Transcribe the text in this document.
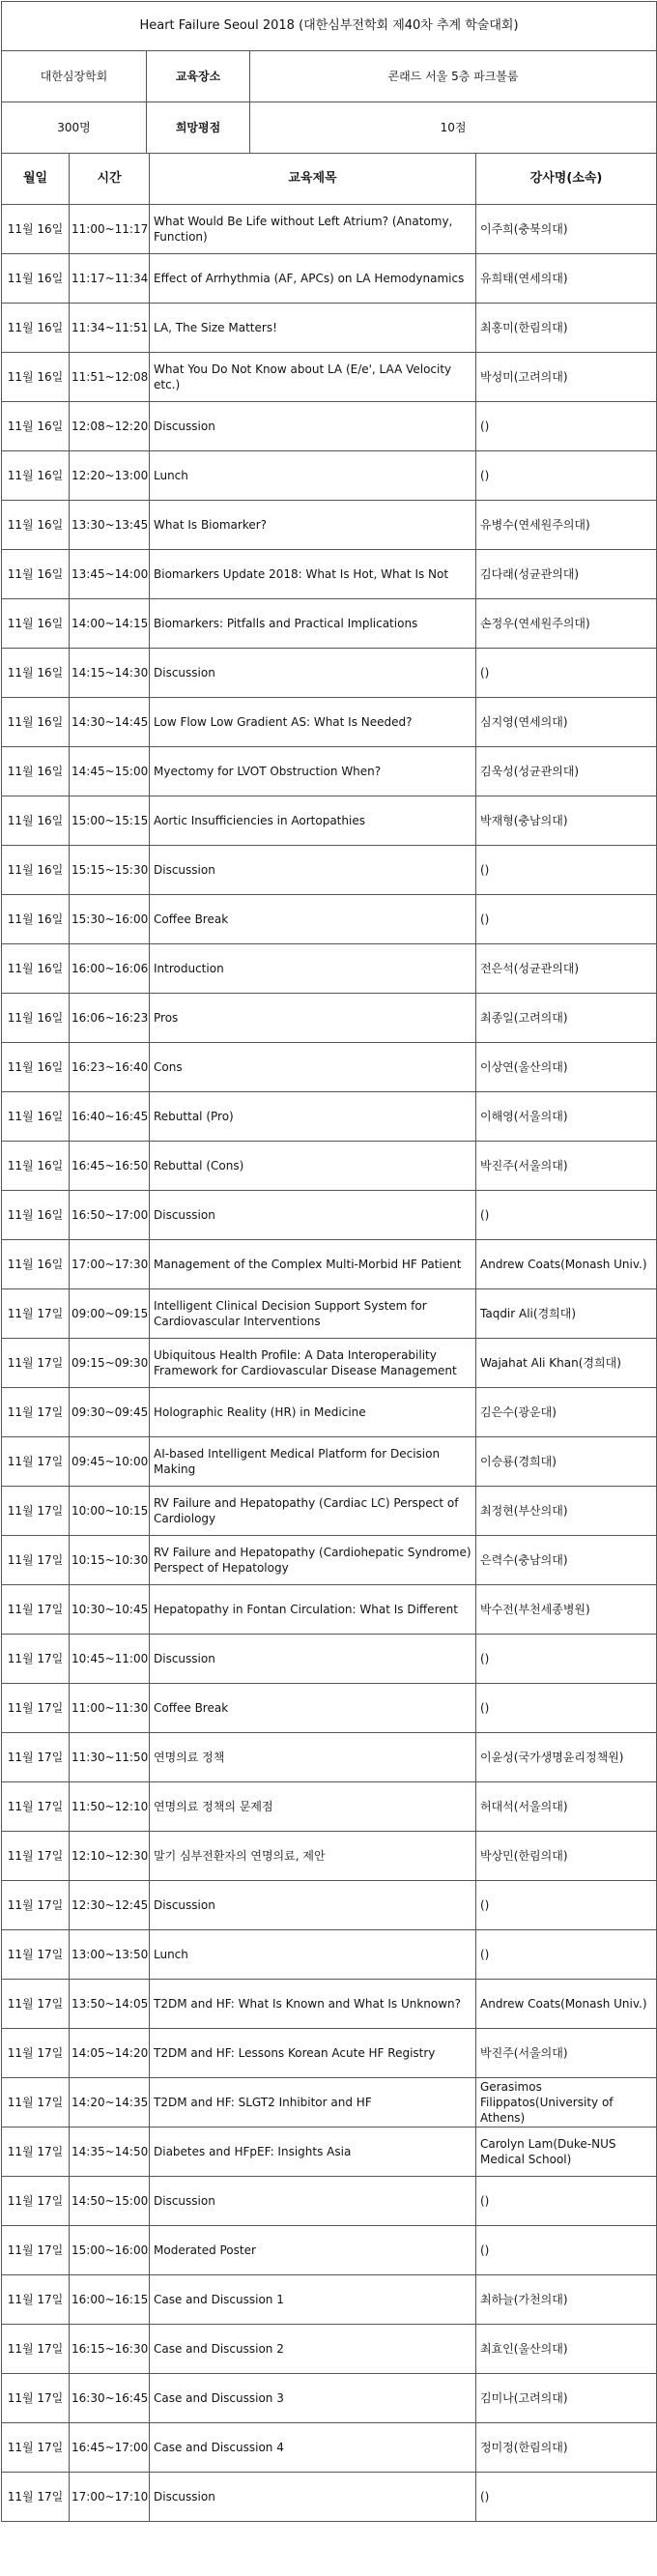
Heart Failure Seoul 2018 (대한심부전학회 제40차 추계 학술대회)		
대한심장학회	교육장소	콘래드 서울 5층 파크볼룸
300명	희망평점	10점
월일	시간	교육제목	강사명(소속)
11월 16일	11:00~11:17	What Would Be Life without Left Atrium? (Anatomy, Function)	이주희(충북의대)
11월 16일	11:17~11:34	Effect of Arrhythmia (AF, APCs) on LA Hemodynamics	유희태(연세의대)
11월 16일	11:34~11:51	LA, The Size Matters!	최홍미(한림의대)
11월 16일	11:51~12:08	What You Do Not Know about LA (E/e', LAA Velocity etc.)	박성미(고려의대)
11월 16일	12:08~12:20	Discussion	()
11월 16일	12:20~13:00	Lunch	()
11월 16일	13:30~13:45	What Is Biomarker?	유병수(연세원주의대)
11월 16일	13:45~14:00	Biomarkers Update 2018: What Is Hot, What Is Not	김다래(성균관의대)
11월 16일	14:00~14:15	Biomarkers: Pitfalls and Practical Implications	손정우(연세원주의대)
11월 16일	14:15~14:30	Discussion	()
11월 16일	14:30~14:45	Low Flow Low Gradient AS: What Is Needed?	심지영(연세의대)
11월 16일	14:45~15:00	Myectomy for LVOT Obstruction When?	김욱성(성균관의대)
11월 16일	15:00~15:15	Aortic Insufficiencies in Aortopathies	박재형(충남의대)
11월 16일	15:15~15:30	Discussion	()
11월 16일	15:30~16:00	Coffee Break	()
11월 16일	16:00~16:06	Introduction	전은석(성균관의대)
11월 16일	16:06~16:23	Pros	최종일(고려의대)
11월 16일	16:23~16:40	Cons	이상연(울산의대)
11월 16일	16:40~16:45	Rebuttal (Pro)	이해영(서울의대)
11월 16일	16:45~16:50	Rebuttal (Cons)	박진주(서울의대)
11월 16일	16:50~17:00	Discussion	()
11월 16일	17:00~17:30	Management of the Complex Multi-Morbid HF Patient	Andrew Coats(Monash Univ.)
11월 17일	09:00~09:15	Intelligent Clinical Decision Support System for Cardiovascular Interventions	Taqdir Ali(경희대)
11월 17일	09:15~09:30	Ubiquitous Health Profile: A Data Interoperability Framework for Cardiovascular Disease Management	Wajahat Ali Khan(경희대)
11월 17일	09:30~09:45	Holographic Reality (HR) in Medicine	김은수(광운대)
11월 17일	09:45~10:00	AI-based Intelligent Medical Platform for Decision Making	이승룡(경희대)
11월 17일	10:00~10:15	RV Failure and Hepatopathy (Cardiac LC) Perspect of Cardiology	최정현(부산의대)
11월 17일	10:15~10:30	RV Failure and Hepatopathy (Cardiohepatic Syndrome) Perspect of Hepatology	은력수(충남의대)
11월 17일	10:30~10:45	Hepatopathy in Fontan Circulation: What Is Different	박수전(부천세종병원)
11월 17일	10:45~11:00	Discussion	()
11월 17일	11:00~11:30	Coffee Break	()
11월 17일	11:30~11:50	연명의료 정책	이윤성(국가생명윤리정책원)
11월 17일	11:50~12:10	연명의료 정책의 문제점	허대석(서울의대)
11월 17일	12:10~12:30	말기 심부전환자의 연명의료, 제안	박상민(한림의대)
11월 17일	12:30~12:45	Discussion	()
11월 17일	13:00~13:50	Lunch	()
11월 17일	13:50~14:05	T2DM and HF: What Is Known and What Is Unknown?	Andrew Coats(Monash Univ.)
11월 17일	14:05~14:20	T2DM and HF: Lessons Korean Acute HF Registry	박진주(서울의대)
11월 17일	14:20~14:35	T2DM and HF: SLGT2 Inhibitor and HF	Gerasimos Filippatos(University of Athens)
11월 17일	14:35~14:50	Diabetes and HFpEF: Insights Asia	Carolyn Lam(Duke-NUS Medical School)
11월 17일	14:50~15:00	Discussion	()
11월 17일	15:00~16:00	Moderated Poster	()
11월 17일	16:00~16:15	Case and Discussion 1	최하늘(가천의대)
11월 17일	16:15~16:30	Case and Discussion 2	최효인(울산의대)
11월 17일	16:30~16:45	Case and Discussion 3	김미나(고려의대)
11월 17일	16:45~17:00	Case and Discussion 4	정미정(한림의대)
11월 17일	17:00~17:10	Discussion	()
